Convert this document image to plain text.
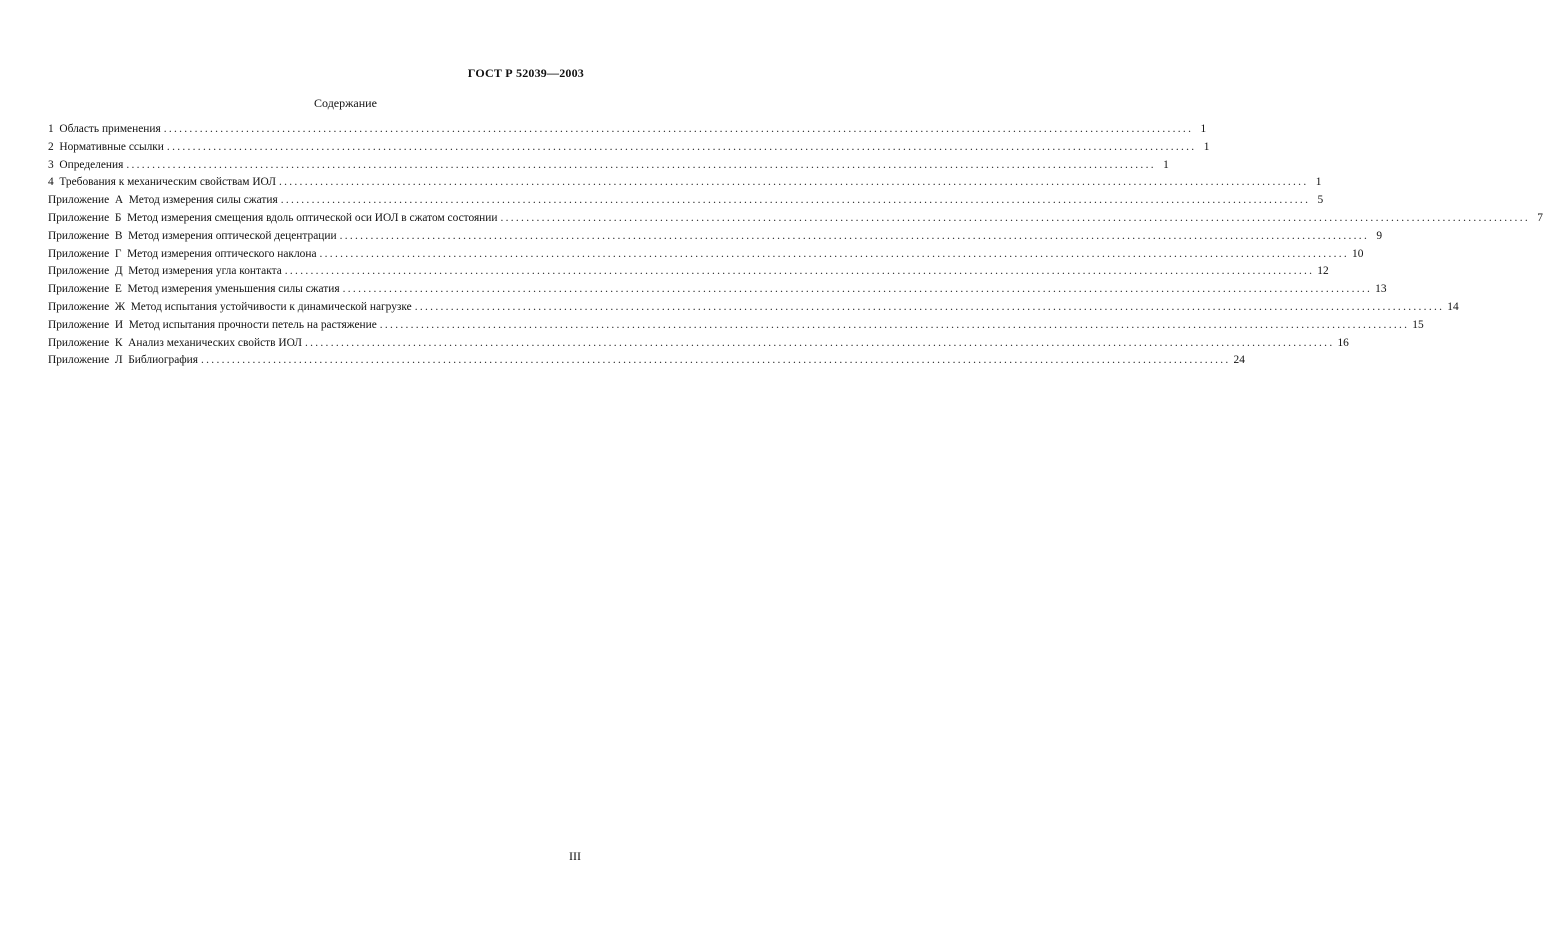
ГОСТ Р 52039—2003
Содержание
1  Область применения ........................................................................................................................................................................................................ 1
2  Нормативные ссылки ........................................................................................................................................................................................................ 1
3  Определения ........................................................................................................................................................................................................ 1
4  Требования к механическим свойствам ИОЛ ........................................................................................................................................................................................................ 1
Приложение  А  Метод измерения силы сжатия ........................................................................................................................................................................................................ 5
Приложение  Б  Метод измерения смещения вдоль оптической оси ИОЛ в сжатом состоянии ........................................................................................................................................................................................................ 7
Приложение  В  Метод измерения оптической децентрации ........................................................................................................................................................................................................ 9
Приложение  Г  Метод измерения оптического наклона ........................................................................................................................................................................................................ 10
Приложение  Д  Метод измерения угла контакта ........................................................................................................................................................................................................ 12
Приложение  Е  Метод измерения уменьшения силы сжатия ........................................................................................................................................................................................................ 13
Приложение  Ж  Метод испытания устойчивости к динамической нагрузке ........................................................................................................................................................................................................ 14
Приложение  И  Метод испытания прочности петель на растяжение ........................................................................................................................................................................................................ 15
Приложение  К  Анализ механических свойств ИОЛ ........................................................................................................................................................................................................ 16
Приложение  Л  Библиография ........................................................................................................................................................................................................ 24
III
